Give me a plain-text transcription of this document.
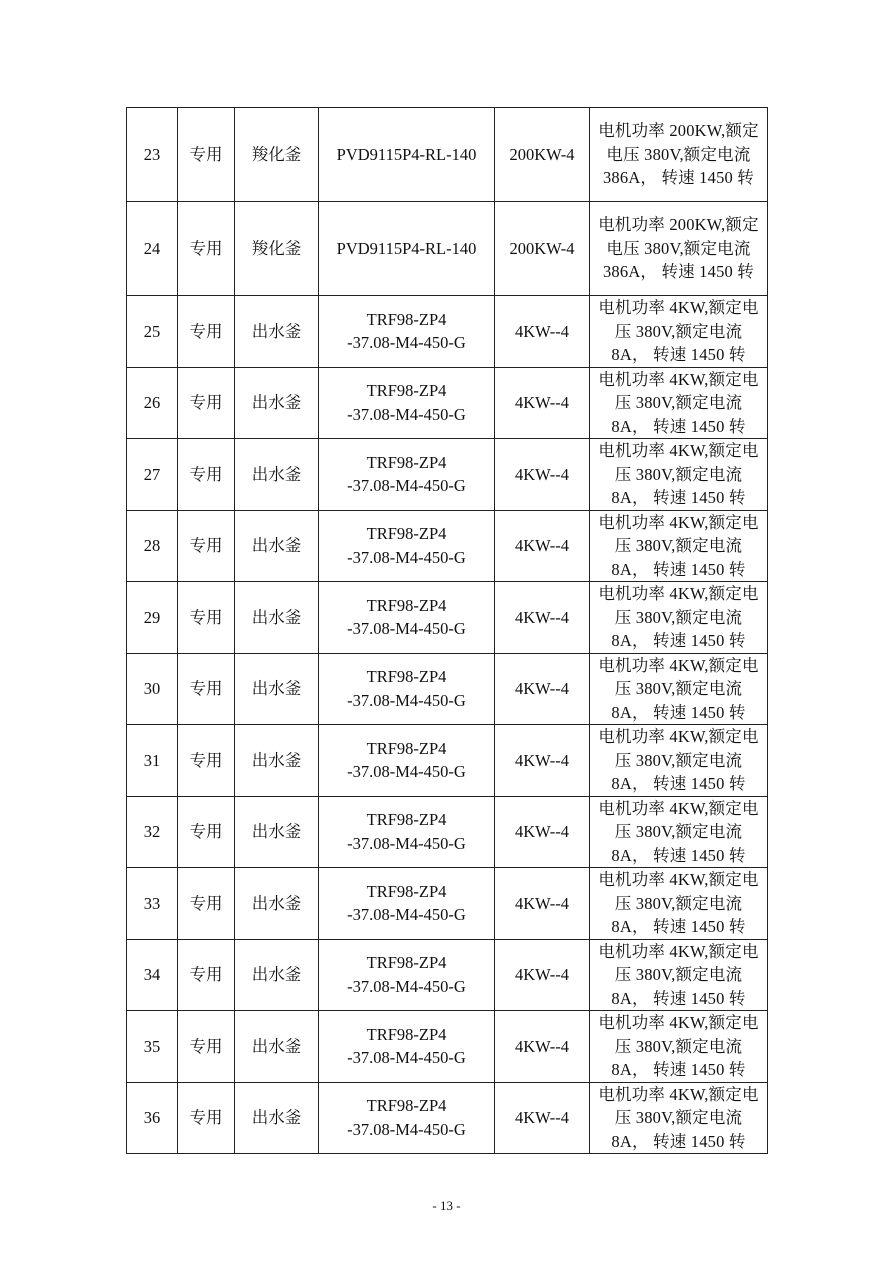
23	专用	羧化釜	PVD9115P4-RL-140	200KW-4	电机功率 200KW,额定电压 380V,额定电流 386A， 转速 1450 转
24	专用	羧化釜	PVD9115P4-RL-140	200KW-4	电机功率 200KW,额定电压 380V,额定电流 386A， 转速 1450 转
25	专用	出水釜	TRF98-ZP4
-37.08-M4-450-G	4KW--4	电机功率 4KW,额定电压 380V,额定电流 8A， 转速 1450 转
26	专用	出水釜	TRF98-ZP4
-37.08-M4-450-G	4KW--4	电机功率 4KW,额定电压 380V,额定电流 8A， 转速 1450 转
27	专用	出水釜	TRF98-ZP4
-37.08-M4-450-G	4KW--4	电机功率 4KW,额定电压 380V,额定电流 8A， 转速 1450 转
28	专用	出水釜	TRF98-ZP4
-37.08-M4-450-G	4KW--4	电机功率 4KW,额定电压 380V,额定电流 8A， 转速 1450 转
29	专用	出水釜	TRF98-ZP4
-37.08-M4-450-G	4KW--4	电机功率 4KW,额定电压 380V,额定电流 8A， 转速 1450 转
30	专用	出水釜	TRF98-ZP4
-37.08-M4-450-G	4KW--4	电机功率 4KW,额定电压 380V,额定电流 8A， 转速 1450 转
31	专用	出水釜	TRF98-ZP4
-37.08-M4-450-G	4KW--4	电机功率 4KW,额定电压 380V,额定电流 8A， 转速 1450 转
32	专用	出水釜	TRF98-ZP4
-37.08-M4-450-G	4KW--4	电机功率 4KW,额定电压 380V,额定电流 8A， 转速 1450 转
33	专用	出水釜	TRF98-ZP4
-37.08-M4-450-G	4KW--4	电机功率 4KW,额定电压 380V,额定电流 8A， 转速 1450 转
34	专用	出水釜	TRF98-ZP4
-37.08-M4-450-G	4KW--4	电机功率 4KW,额定电压 380V,额定电流 8A， 转速 1450 转
35	专用	出水釜	TRF98-ZP4
-37.08-M4-450-G	4KW--4	电机功率 4KW,额定电压 380V,额定电流 8A， 转速 1450 转
36	专用	出水釜	TRF98-ZP4
-37.08-M4-450-G	4KW--4	电机功率 4KW,额定电压 380V,额定电流 8A， 转速 1450 转
- 13 -
